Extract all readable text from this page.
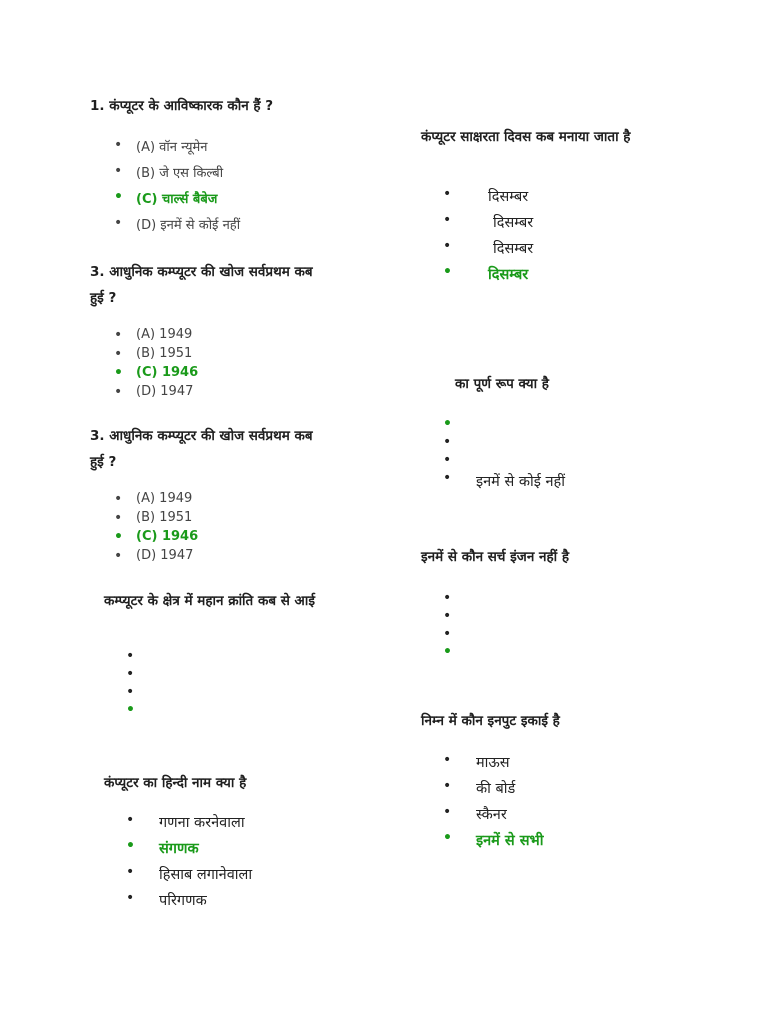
1. कंप्यूटर के आविष्कारक कौन हैं ?

• (A) वॉन न्यूमेन
• (B) जे एस किल्बी
• (C) चार्ल्स बैबेज
• (D) इनमें से कोई नहीं

3. आधुनिक कम्प्यूटर की खोज सर्वप्रथम कब

हुई ?

• (A) 1949
• (B) 1951
• (C) 1946
• (D) 1947

3. आधुनिक कम्प्यूटर की खोज सर्वप्रथम कब

हुई ?

• (A) 1949
• (B) 1951
• (C) 1946
• (D) 1947

कम्प्यूटर के क्षेत्र में महान क्रांति कब से आई

•
•
•
•

कंप्यूटर का हिन्दी नाम क्या है

• गणना करनेवाला
• संगणक
• हिसाब लगानेवाला
• परिगणक

कंप्यूटर साक्षरता दिवस कब मनाया जाता है

•	दिसम्बर
•	दिसम्बर
•	दिसम्बर
• दिसम्बर

का पूर्ण रूप क्या है

•
•
•
• इनमें से कोई नहीं

इनमें से कौन सर्च इंजन नहीं है

•
•
•
•

निम्न में कौन इनपुट इकाई है

• माऊस
• की बोर्ड
• स्कैनर
• इनमें से सभी
